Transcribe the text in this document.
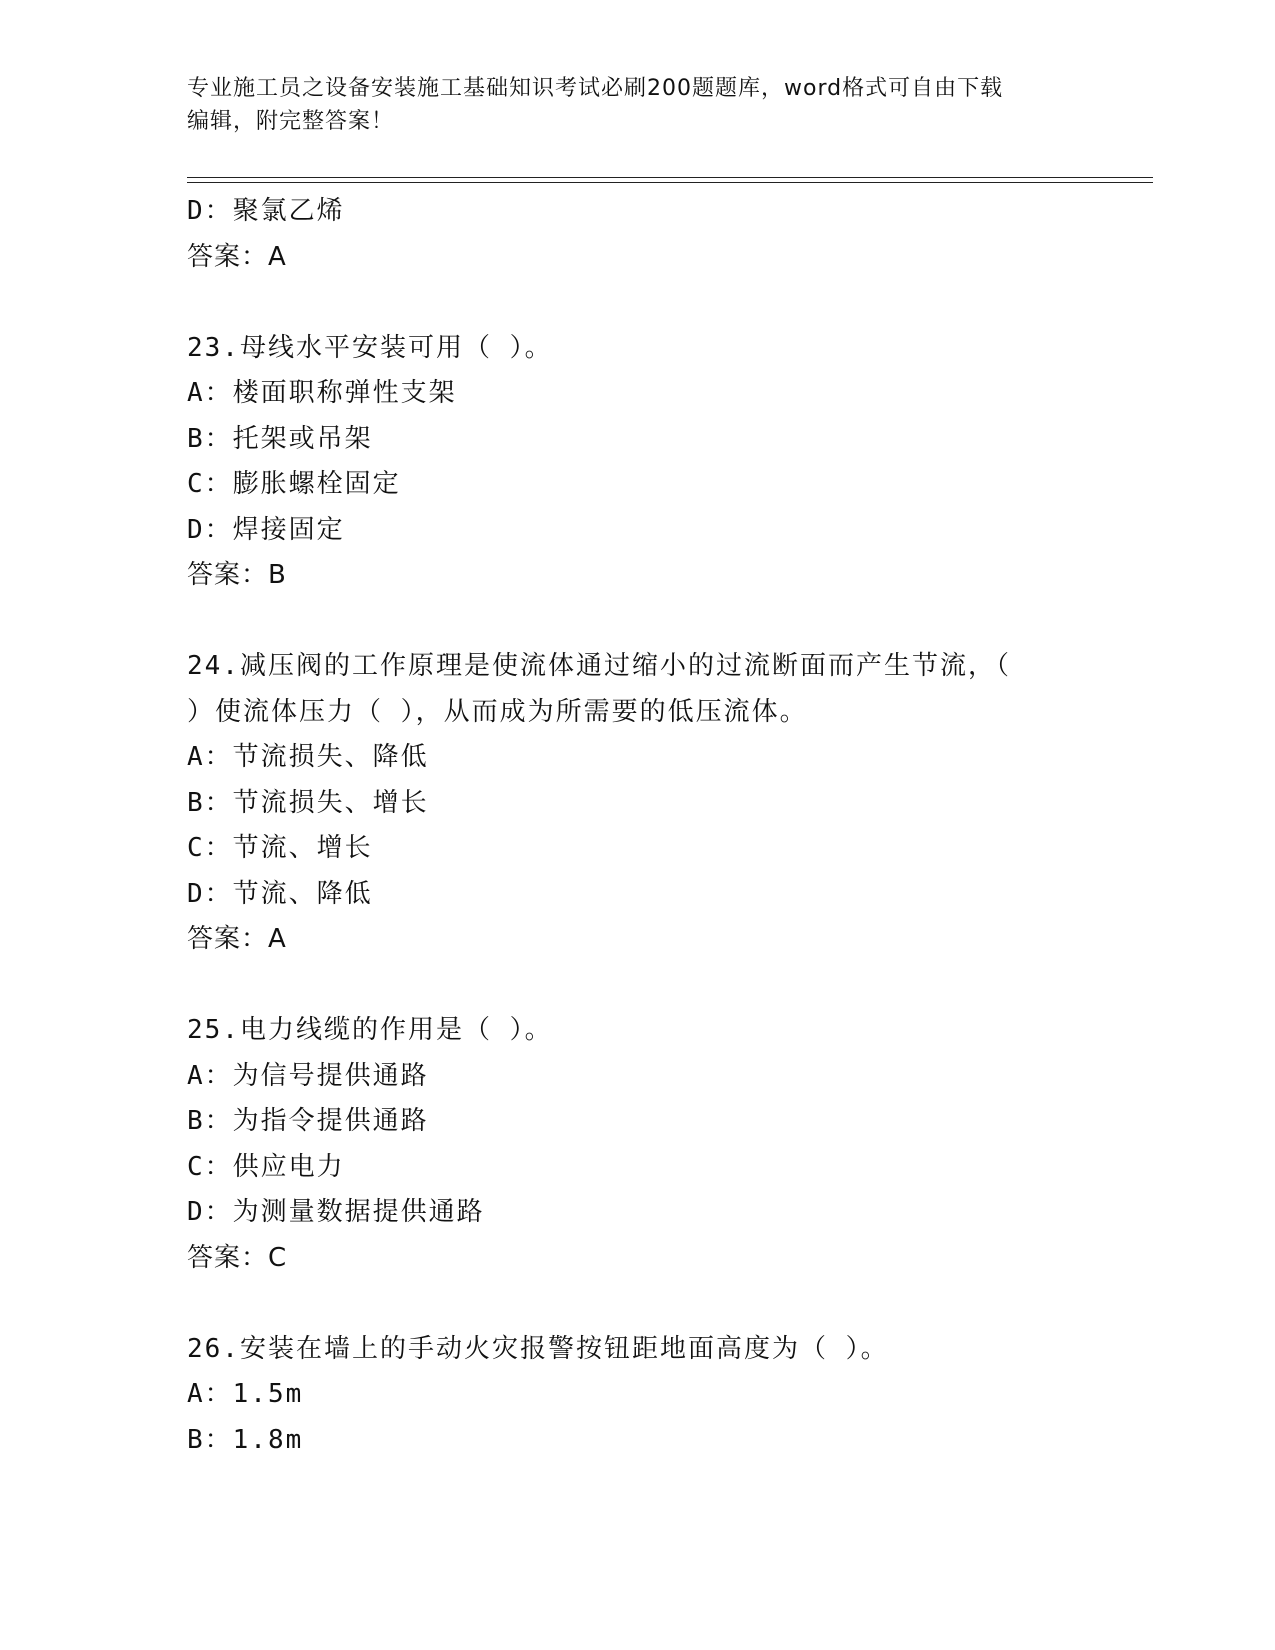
专业施工员之设备安装施工基础知识考试必刷200题题库，word格式可自由下载
编辑，附完整答案！
D：聚氯乙烯
答案：A
23.母线水平安装可用（ ）。
A：楼面职称弹性支架
B：托架或吊架
C：膨胀螺栓固定
D：焊接固定
答案：B
24.减压阀的工作原理是使流体通过缩小的过流断面而产生节流，（
）使流体压力（ ），从而成为所需要的低压流体。
A：节流损失、降低
B：节流损失、增长
C：节流、增长
D：节流、降低
答案：A
25.电力线缆的作用是（ ）。
A：为信号提供通路
B：为指令提供通路
C：供应电力
D：为测量数据提供通路
答案：C
26.安装在墙上的手动火灾报警按钮距地面高度为（ ）。
A：1.5m
B：1.8m
